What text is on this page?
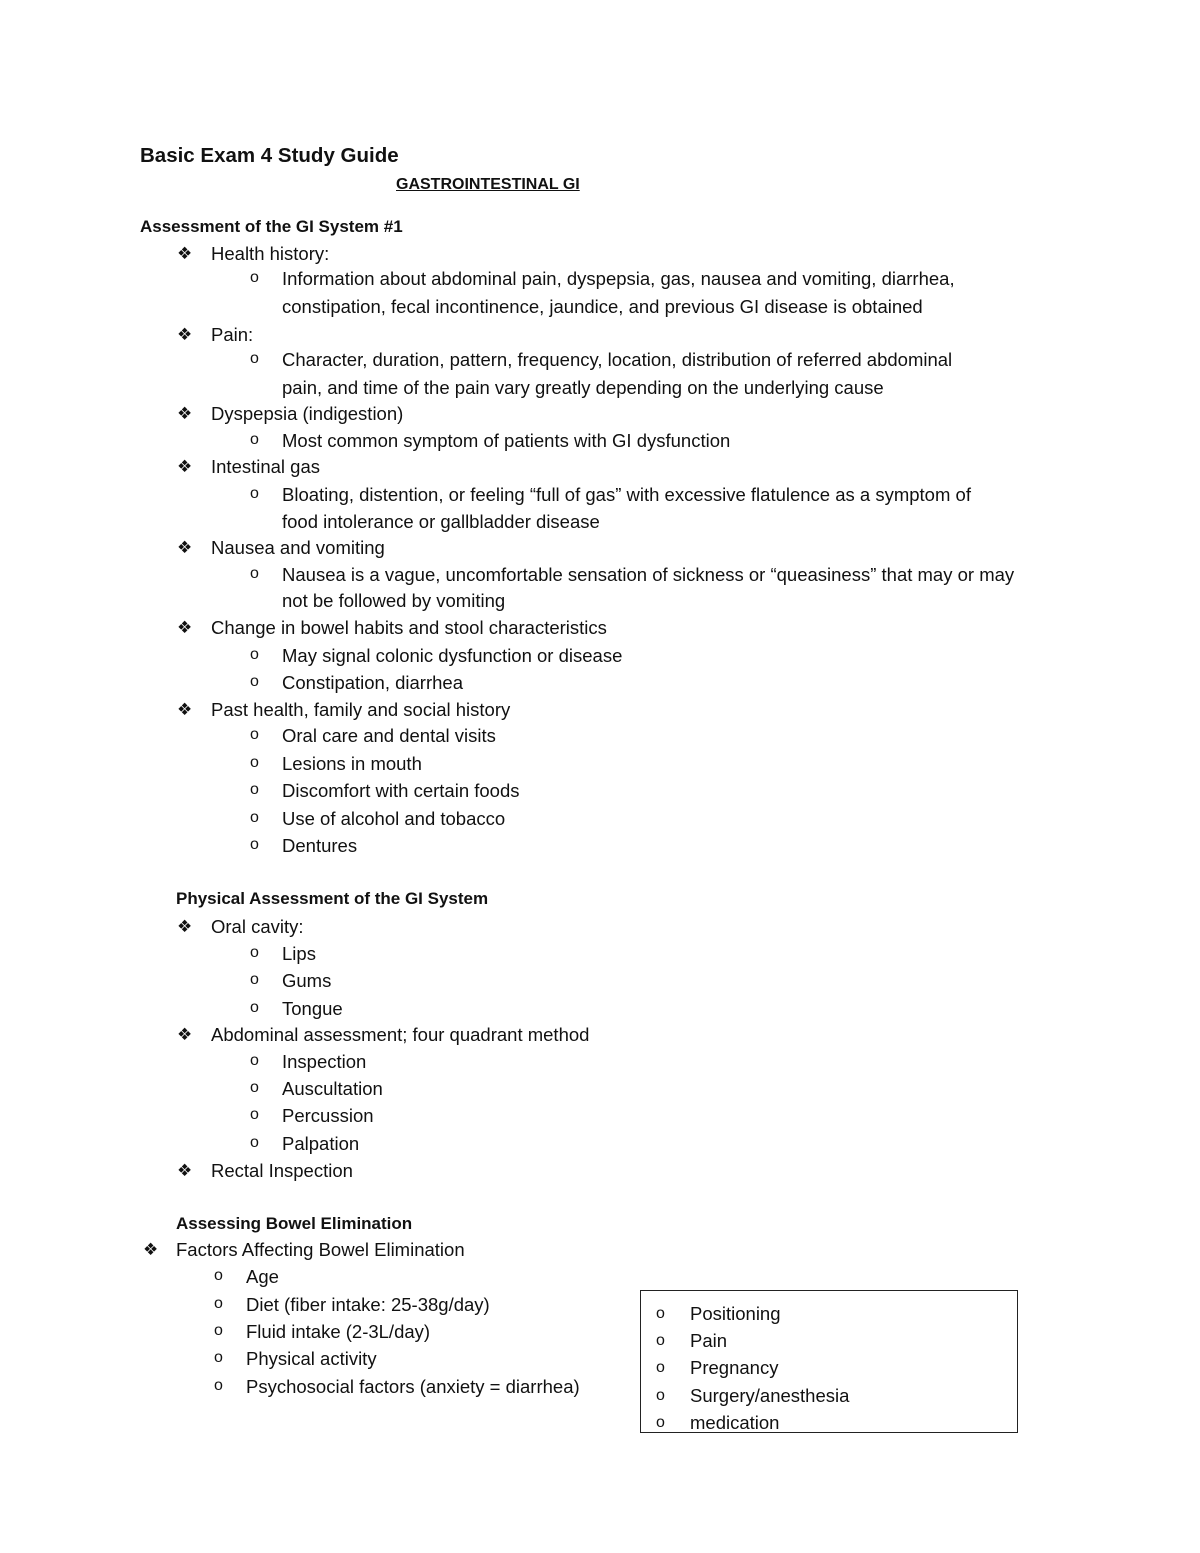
Basic Exam 4 Study Guide
GASTROINTESTINAL GI
Assessment of the GI System #1
❖ Health history:
o Information about abdominal pain, dyspepsia, gas, nausea and vomiting, diarrhea,
constipation, fecal incontinence, jaundice, and previous GI disease is obtained
❖ Pain:
o Character, duration, pattern, frequency, location, distribution of referred abdominal
pain, and time of the pain vary greatly depending on the underlying cause
❖ Dyspepsia (indigestion)
o Most common symptom of patients with GI dysfunction
❖ Intestinal gas
o Bloating, distention, or feeling “full of gas” with excessive flatulence as a symptom of
food intolerance or gallbladder disease
❖ Nausea and vomiting
o Nausea is a vague, uncomfortable sensation of sickness or “queasiness” that may or may
not be followed by vomiting
❖ Change in bowel habits and stool characteristics
o May signal colonic dysfunction or disease
o Constipation, diarrhea
❖ Past health, family and social history
o Oral care and dental visits
o Lesions in mouth
o Discomfort with certain foods
o Use of alcohol and tobacco
o Dentures
Physical Assessment of the GI System
❖ Oral cavity:
o Lips
o Gums
o Tongue
❖ Abdominal assessment; four quadrant method
o Inspection
o Auscultation
o Percussion
o Palpation
❖ Rectal Inspection
Assessing Bowel Elimination
❖ Factors Affecting Bowel Elimination
o Age
o Diet (fiber intake: 25-38g/day)
o Fluid intake (2-3L/day)
o Physical activity
o Psychosocial factors (anxiety = diarrhea)
o Positioning
o Pain
o Pregnancy
o Surgery/anesthesia
o medication
